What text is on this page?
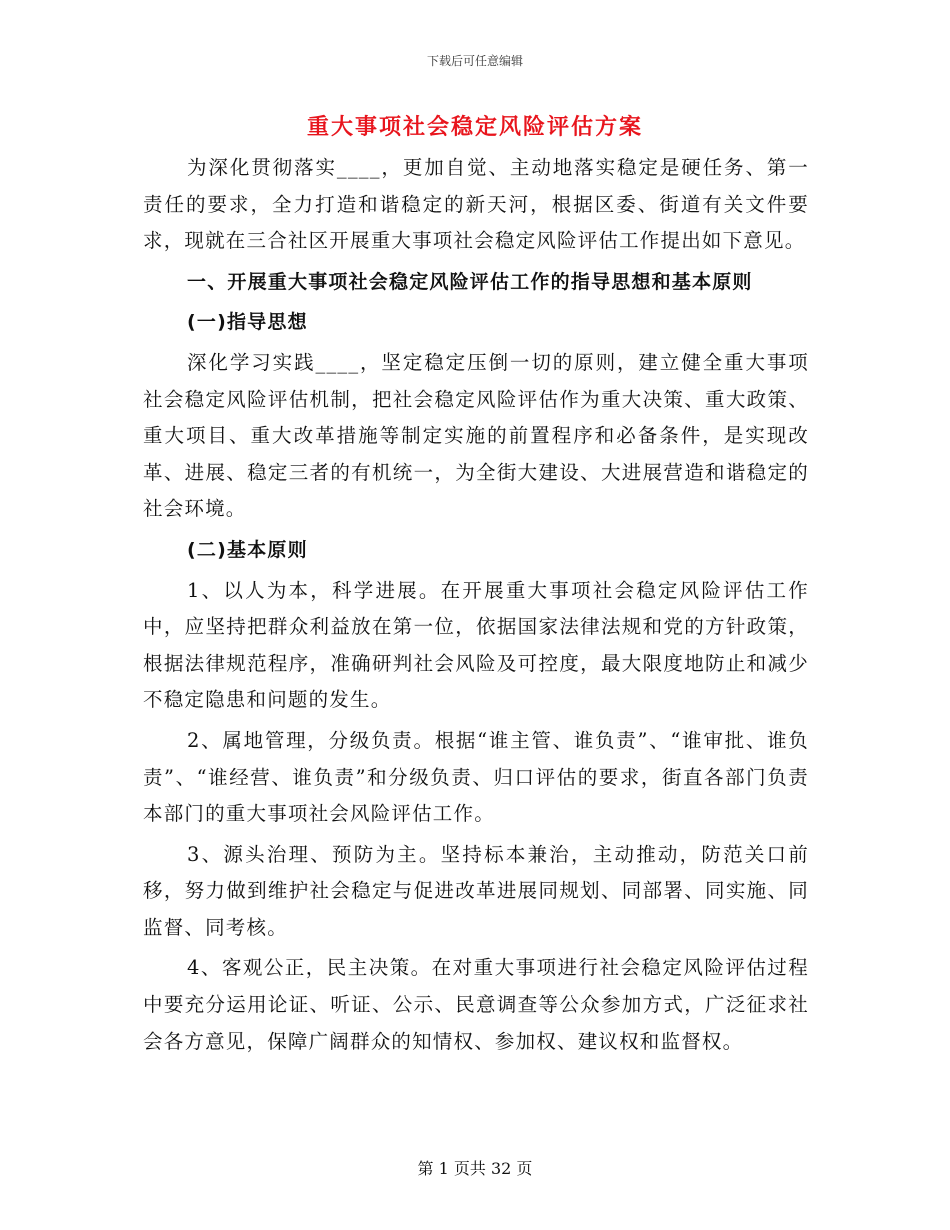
下载后可任意编辑
重大事项社会稳定风险评估方案

为深化贯彻落实____，更加自觉、主动地落实稳定是硬任务、第一责任的要求，全力打造和谐稳定的新天河，根据区委、街道有关文件要求，现就在三合社区开展重大事项社会稳定风险评估工作提出如下意见。

一、开展重大事项社会稳定风险评估工作的指导思想和基本原则

(一)指导思想

深化学习实践____，坚定稳定压倒一切的原则，建立健全重大事项社会稳定风险评估机制，把社会稳定风险评估作为重大决策、重大政策、重大项目、重大改革措施等制定实施的前置程序和必备条件，是实现改革、进展、稳定三者的有机统一，为全街大建设、大进展营造和谐稳定的社会环境。

(二)基本原则

1、以人为本，科学进展。在开展重大事项社会稳定风险评估工作中，应坚持把群众利益放在第一位，依据国家法律法规和党的方针政策，根据法律规范程序，准确研判社会风险及可控度，最大限度地防止和减少不稳定隐患和问题的发生。

2、属地管理，分级负责。根据“谁主管、谁负责”、“谁审批、谁负责”、“谁经营、谁负责”和分级负责、归口评估的要求，街直各部门负责本部门的重大事项社会风险评估工作。

3、源头治理、预防为主。坚持标本兼治，主动推动，防范关口前移，努力做到维护社会稳定与促进改革进展同规划、同部署、同实施、同监督、同考核。

4、客观公正，民主决策。在对重大事项进行社会稳定风险评估过程中要充分运用论证、听证、公示、民意调查等公众参加方式，广泛征求社会各方意见，保障广阔群众的知情权、参加权、建议权和监督权。

第 1 页共 32 页
